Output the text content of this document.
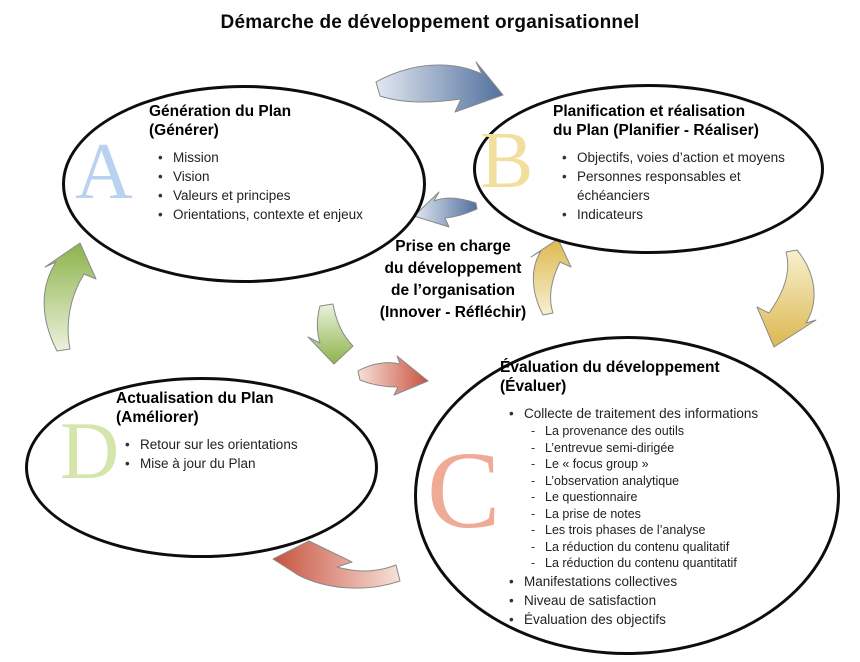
Démarche de développement organisationnel
A
Génération du Plan
(Générer)
• Mission
• Vision
• Valeurs et principes
• Orientations, contexte et enjeux
B
Planification et réalisation
du Plan (Planifier - Réaliser)
• Objectifs, voies d’action et moyens
• Personnes responsables et échéanciers
• Indicateurs
Prise en charge
du développement
de l’organisation
(Innover - Réfléchir)
D
Actualisation du Plan
(Améliorer)
• Retour sur les orientations
• Mise à jour du Plan	C
Évaluation du développement
(Évaluer)
• Collecte de traitement des informations
- La provenance des outils
- L’entrevue semi-dirigée
- Le « focus group »
- L’observation analytique
- Le questionnaire
- La prise de notes
- Les trois phases de l’analyse
- La réduction du contenu qualitatif
- La réduction du contenu quantitatif
• Manifestations collectives
• Niveau de satisfaction
• Évaluation des objectifs
